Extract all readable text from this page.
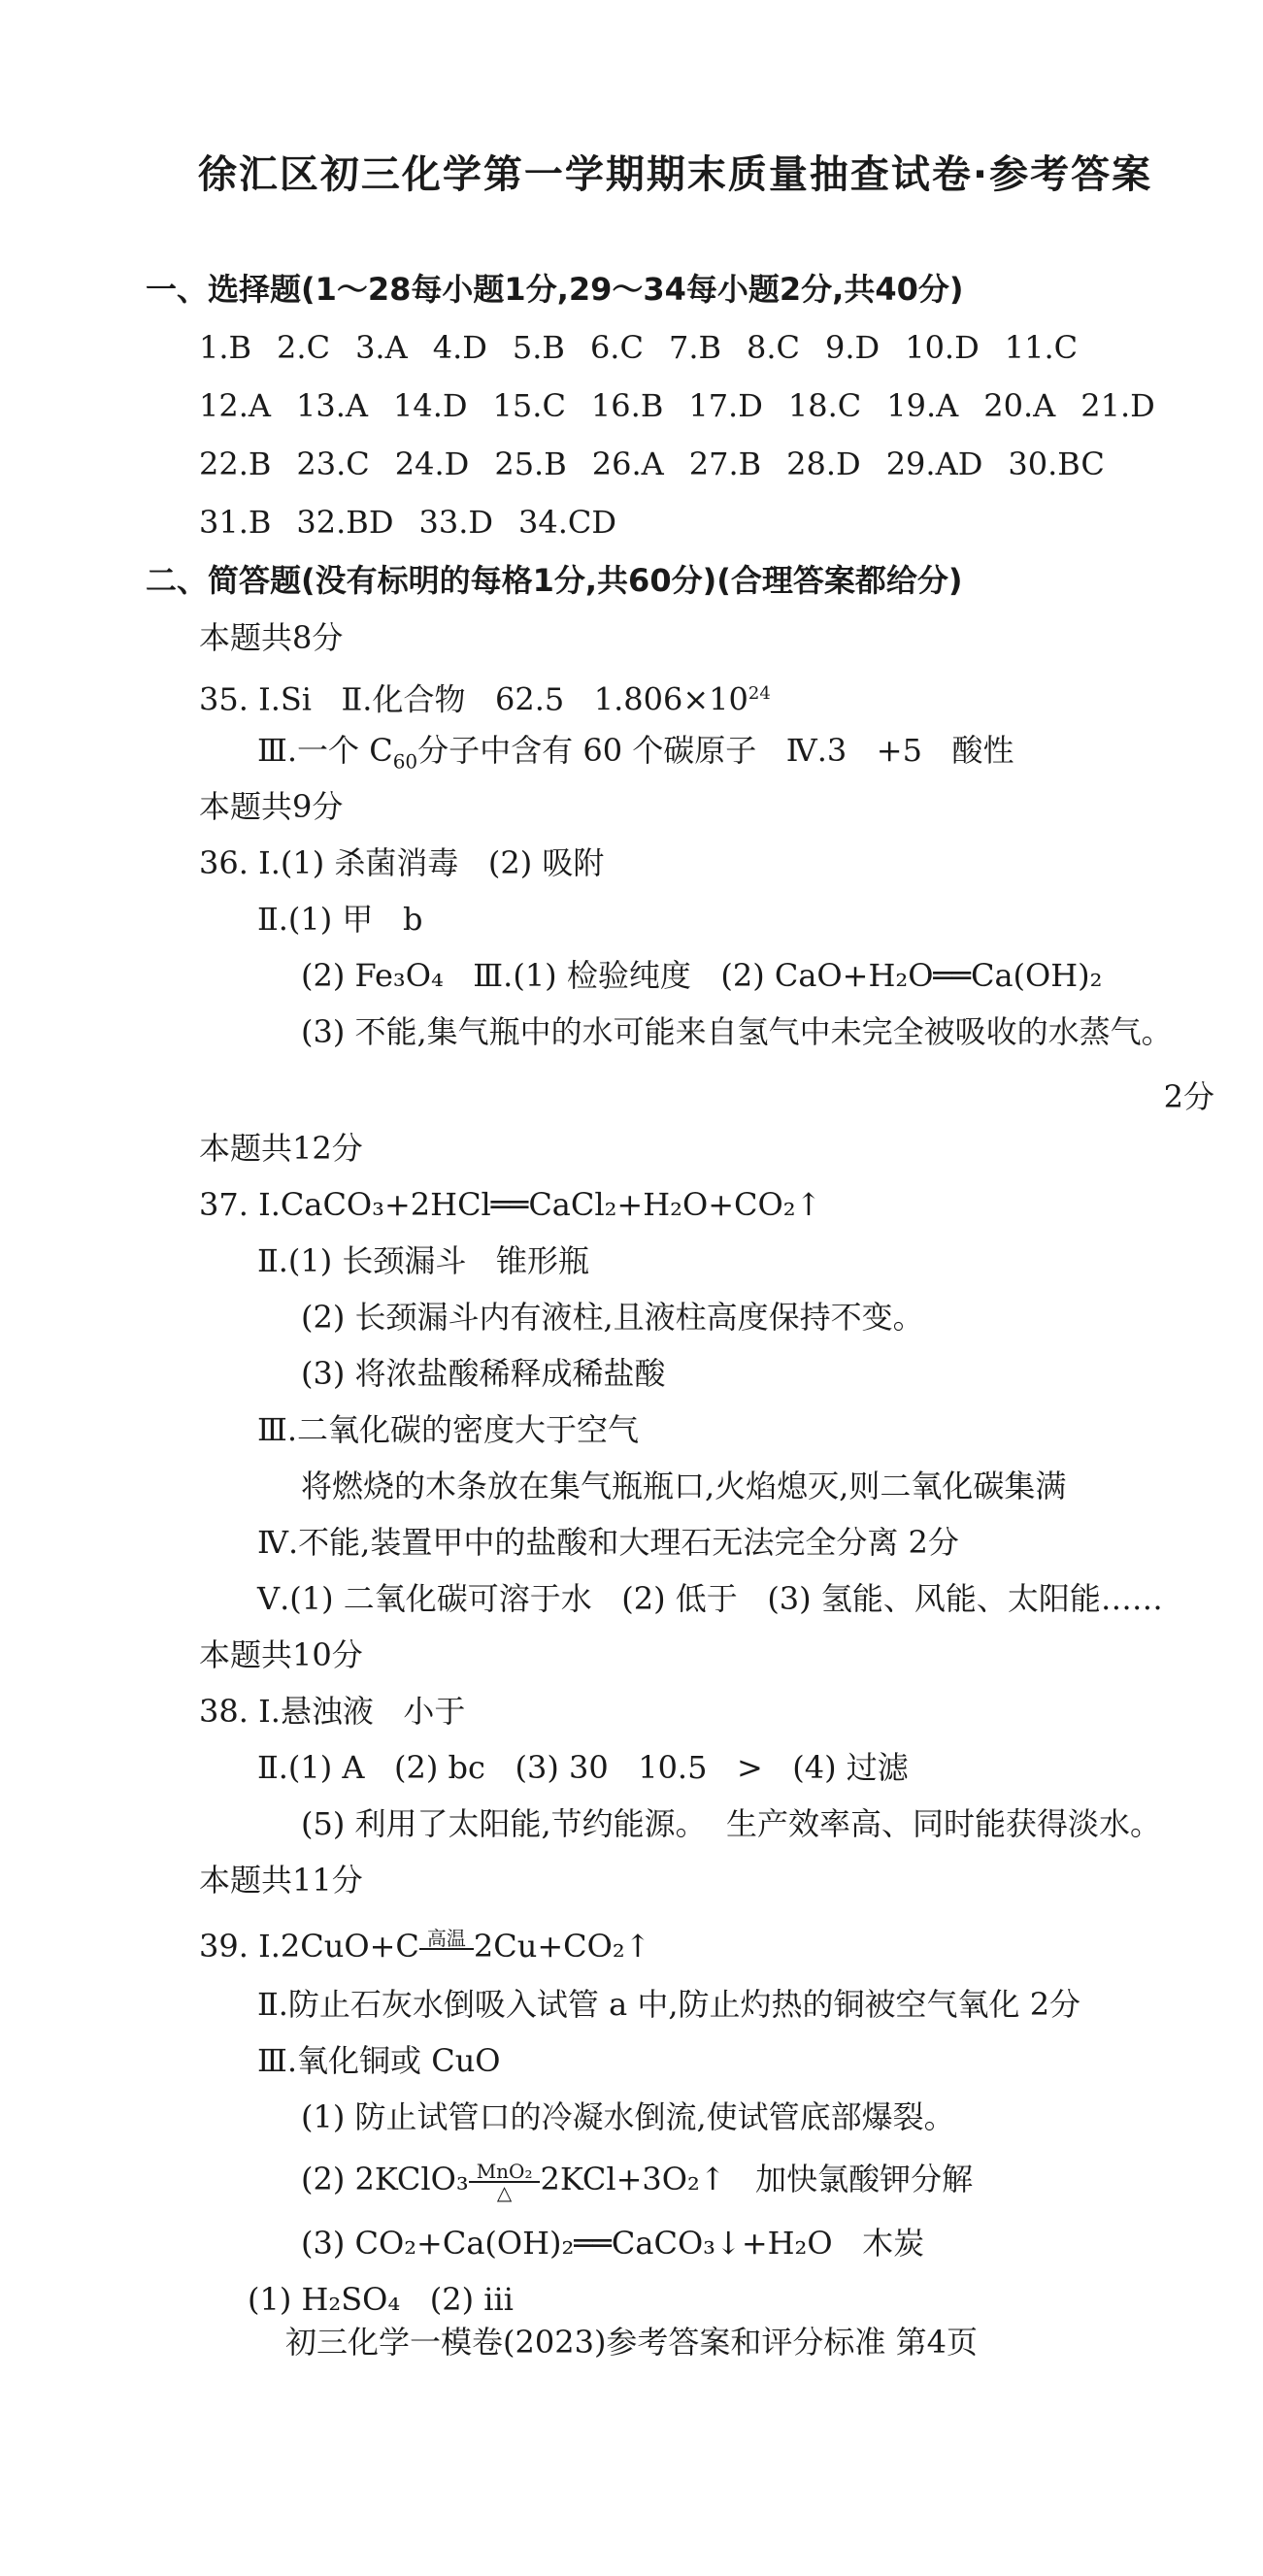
徐汇区初三化学第一学期期末质量抽查试卷·参考答案
一、选择题(1～28每小题1分,29～34每小题2分,共40分)
1.B 2.C 3.A 4.D 5.B 6.C 7.B 8.C 9.D 10.D 11.C
12.A 13.A 14.D 15.C 16.B 17.D 18.C 19.A 20.A 21.D
22.B 23.C 24.D 25.B 26.A 27.B 28.D 29.AD 30.BC
31.B 32.BD 33.D 34.CD
二、简答题(没有标明的每格1分,共60分)(合理答案都给分)
本题共8分
35. Ⅰ.Si   Ⅱ.化合物   62.5   $1.806\times 10^{24}$
Ⅲ.一个 $C_{60}$分子中含有 60 个碳原子   Ⅳ.3   +5   酸性
本题共9分
36. Ⅰ.(1) 杀菌消毒   (2) 吸附
Ⅱ.(1) 甲   b
(2) Fe₃O₄   Ⅲ.(1) 检验纯度   (2) CaO+H₂O══Ca(OH)₂
(3) 不能,集气瓶中的水可能来自氢气中未完全被吸收的水蒸气。
2分
本题共12分
37. Ⅰ.CaCO₃+2HCl══CaCl₂+H₂O+CO₂↑
Ⅱ.(1) 长颈漏斗   锥形瓶
(2) 长颈漏斗内有液柱,且液柱高度保持不变。
(3) 将浓盐酸稀释成稀盐酸
Ⅲ.二氧化碳的密度大于空气
将燃烧的木条放在集气瓶瓶口,火焰熄灭,则二氧化碳集满
Ⅳ.不能,装置甲中的盐酸和大理石无法完全分离 2分
Ⅴ.(1) 二氧化碳可溶于水   (2) 低于   (3) 氢能、风能、太阳能……
本题共10分
38. Ⅰ.悬浊液   小于
Ⅱ.(1) A   (2) bc   (3) 30   10.5   >   (4) 过滤
(5) 利用了太阳能,节约能源。  生产效率高、同时能获得淡水。
本题共11分
39. Ⅰ.2CuO+C 高温
2Cu+CO₂↑
Ⅱ.防止石灰水倒吸入试管 a 中,防止灼热的铜被空气氧化 2分
Ⅲ.氧化铜或 CuO
(1) 防止试管口的冷凝水倒流,使试管底部爆裂。
(2) 2KClO₃ MnO₂
△ 2KCl+3O₂↑   加快氯酸钾分解
(3) CO₂+Ca(OH)₂══CaCO₃↓+H₂O   木炭
(1) H₂SO₄   (2) ⅲ
初三化学一模卷(2023)参考答案和评分标准 第4页
